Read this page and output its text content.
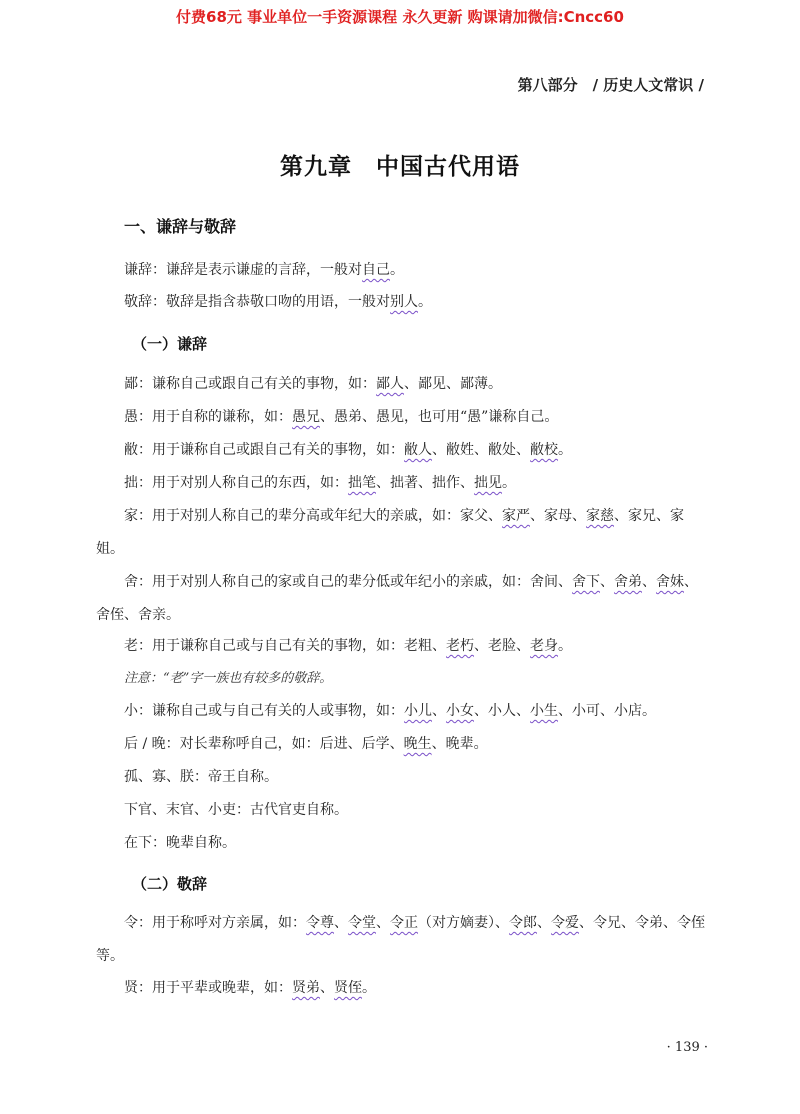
付费68元 事业单位一手资源课程 永久更新 购课请加微信:Cncc60
第八部分　/ 历史人文常识 /
第九章　中国古代用语
一、谦辞与敬辞
谦辞：谦辞是表示谦虚的言辞，一般对自己。
敬辞：敬辞是指含恭敬口吻的用语，一般对别人。
（一）谦辞
鄙：谦称自己或跟自己有关的事物，如：鄙人、鄙见、鄙薄。
愚：用于自称的谦称，如：愚兄、愚弟、愚见，也可用“愚”谦称自己。
敝：用于谦称自己或跟自己有关的事物，如：敝人、敝姓、敝处、敝校。
拙：用于对别人称自己的东西，如：拙笔、拙著、拙作、拙见。
家：用于对别人称自己的辈分高或年纪大的亲戚，如：家父、家严、家母、家慈、家兄、家姐。
舍：用于对别人称自己的家或自己的辈分低或年纪小的亲戚，如：舍间、舍下、舍弟、舍妹、舍侄、舍亲。
老：用于谦称自己或与自己有关的事物，如：老粗、老朽、老脸、老身。
注意：“老”字一族也有较多的敬辞。
小：谦称自己或与自己有关的人或事物，如：小儿、小女、小人、小生、小可、小店。
后 / 晚：对长辈称呼自己，如：后进、后学、晚生、晚辈。
孤、寡、朕：帝王自称。
下官、末官、小吏：古代官吏自称。
在下：晚辈自称。
（二）敬辞
令：用于称呼对方亲属，如：令尊、令堂、令正（对方嫡妻）、令郎、令爱、令兄、令弟、令侄等。
贤：用于平辈或晚辈，如：贤弟、贤侄。
· 139 ·
